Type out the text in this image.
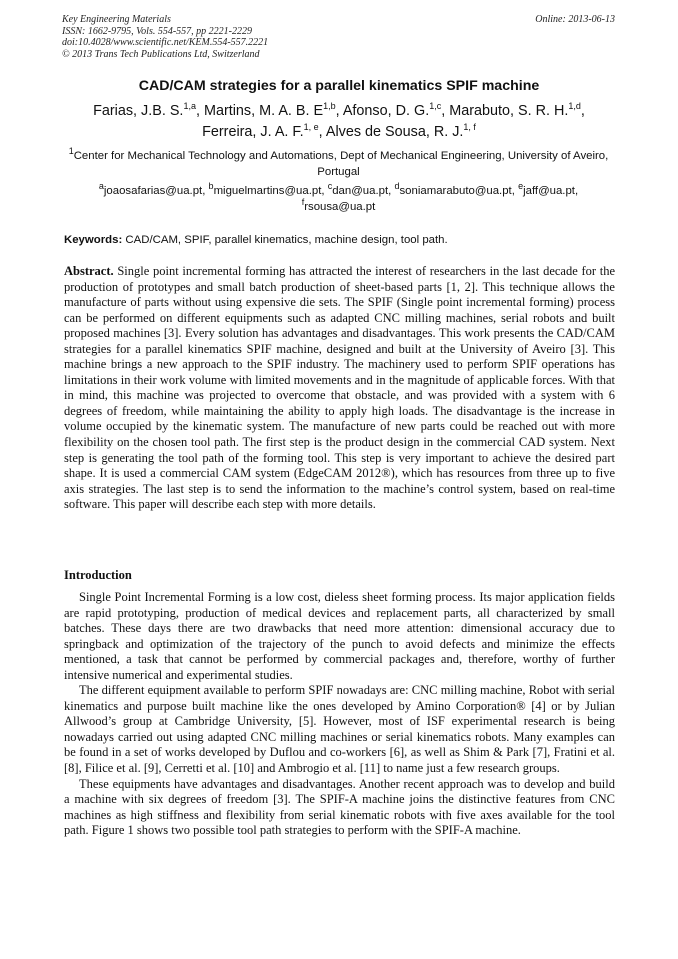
Key Engineering Materials
ISSN: 1662-9795, Vols. 554-557, pp 2221-2229
doi:10.4028/www.scientific.net/KEM.554-557.2221
© 2013 Trans Tech Publications Ltd, Switzerland
Online: 2013-06-13
CAD/CAM strategies for a parallel kinematics SPIF machine
Farias, J.B. S.$^{1,a}$, Martins, M. A. B. E$^{1,b}$, Afonso, D. G.$^{1,c}$, Marabuto, S. R. H.$^{1,d}$,
Ferreira, J. A. F.$^{1, e}$, Alves de Sousa, R. J.$^{1, f}$
$^1$Center for Mechanical Technology and Automations, Dept of Mechanical Engineering, University of Aveiro, Portugal
$^a$joaosafarias@ua.pt, $^b$miguelmartins@ua.pt, $^c$dan@ua.pt, $^d$soniamarabuto@ua.pt, $^e$jaff@ua.pt,
$^f$rsousa@ua.pt
Keywords: CAD/CAM, SPIF, parallel kinematics, machine design, tool path.
Abstract. Single point incremental forming has attracted the interest of researchers in the last decade for the production of prototypes and small batch production of sheet-based parts [1, 2]. This technique allows the manufacture of parts without using expensive die sets. The SPIF (Single point incremental forming) process can be performed on different equipments such as adapted CNC milling machines, serial robots and built proposed machines [3]. Every solution has advantages and disadvantages. This work presents the CAD/CAM strategies for a parallel kinematics SPIF machine, designed and built at the University of Aveiro [3]. This machine brings a new approach to the SPIF industry. The machinery used to perform SPIF operations has limitations in their work volume with limited movements and in the magnitude of applicable forces. With that in mind, this machine was projected to overcome that obstacle, and was provided with a system with 6 degrees of freedom, while maintaining the ability to apply high loads. The disadvantage is the increase in volume occupied by the kinematic system. The manufacture of new parts could be reached out with more flexibility on the chosen tool path. The first step is the product design in the commercial CAD system. Next step is generating the tool path of the forming tool. This step is very important to achieve the desired part shape. It is used a commercial CAM system (EdgeCAM 2012®), which has resources from three up to five axis strategies. The last step is to send the information to the machine’s control system, based on real-time software. This paper will describe each step with more details.
Introduction

Single Point Incremental Forming is a low cost, dieless sheet forming process. Its major application fields are rapid prototyping, production of medical devices and replacement parts, all characterized by small batches. These days there are two drawbacks that need more attention: dimensional accuracy due to springback and optimization of the trajectory of the punch to avoid defects and minimize the effects mentioned, a task that cannot be performed by commercial packages and, therefore, worthy of further intensive numerical and experimental studies.

The different equipment available to perform SPIF nowadays are: CNC milling machine, Robot with serial kinematics and purpose built machine like the ones developed by Amino Corporation® [4] or by Julian Allwood’s group at Cambridge University, [5]. However, most of ISF experimental research is being nowadays carried out using adapted CNC milling machines or serial kinematics robots. Many examples can be found in a set of works developed by Duflou and co-workers [6], as well as Shim & Park [7], Fratini et al. [8], Filice et al. [9], Cerretti et al. [10] and Ambrogio et al. [11] to name just a few research groups.

These equipments have advantages and disadvantages. Another recent approach was to develop and build a machine with six degrees of freedom [3]. The SPIF-A machine joins the distinctive features from CNC machines as high stiffness and flexibility from serial kinematic robots with five axes available for the tool path. Figure 1 shows two possible tool path strategies to perform with the SPIF-A machine.
